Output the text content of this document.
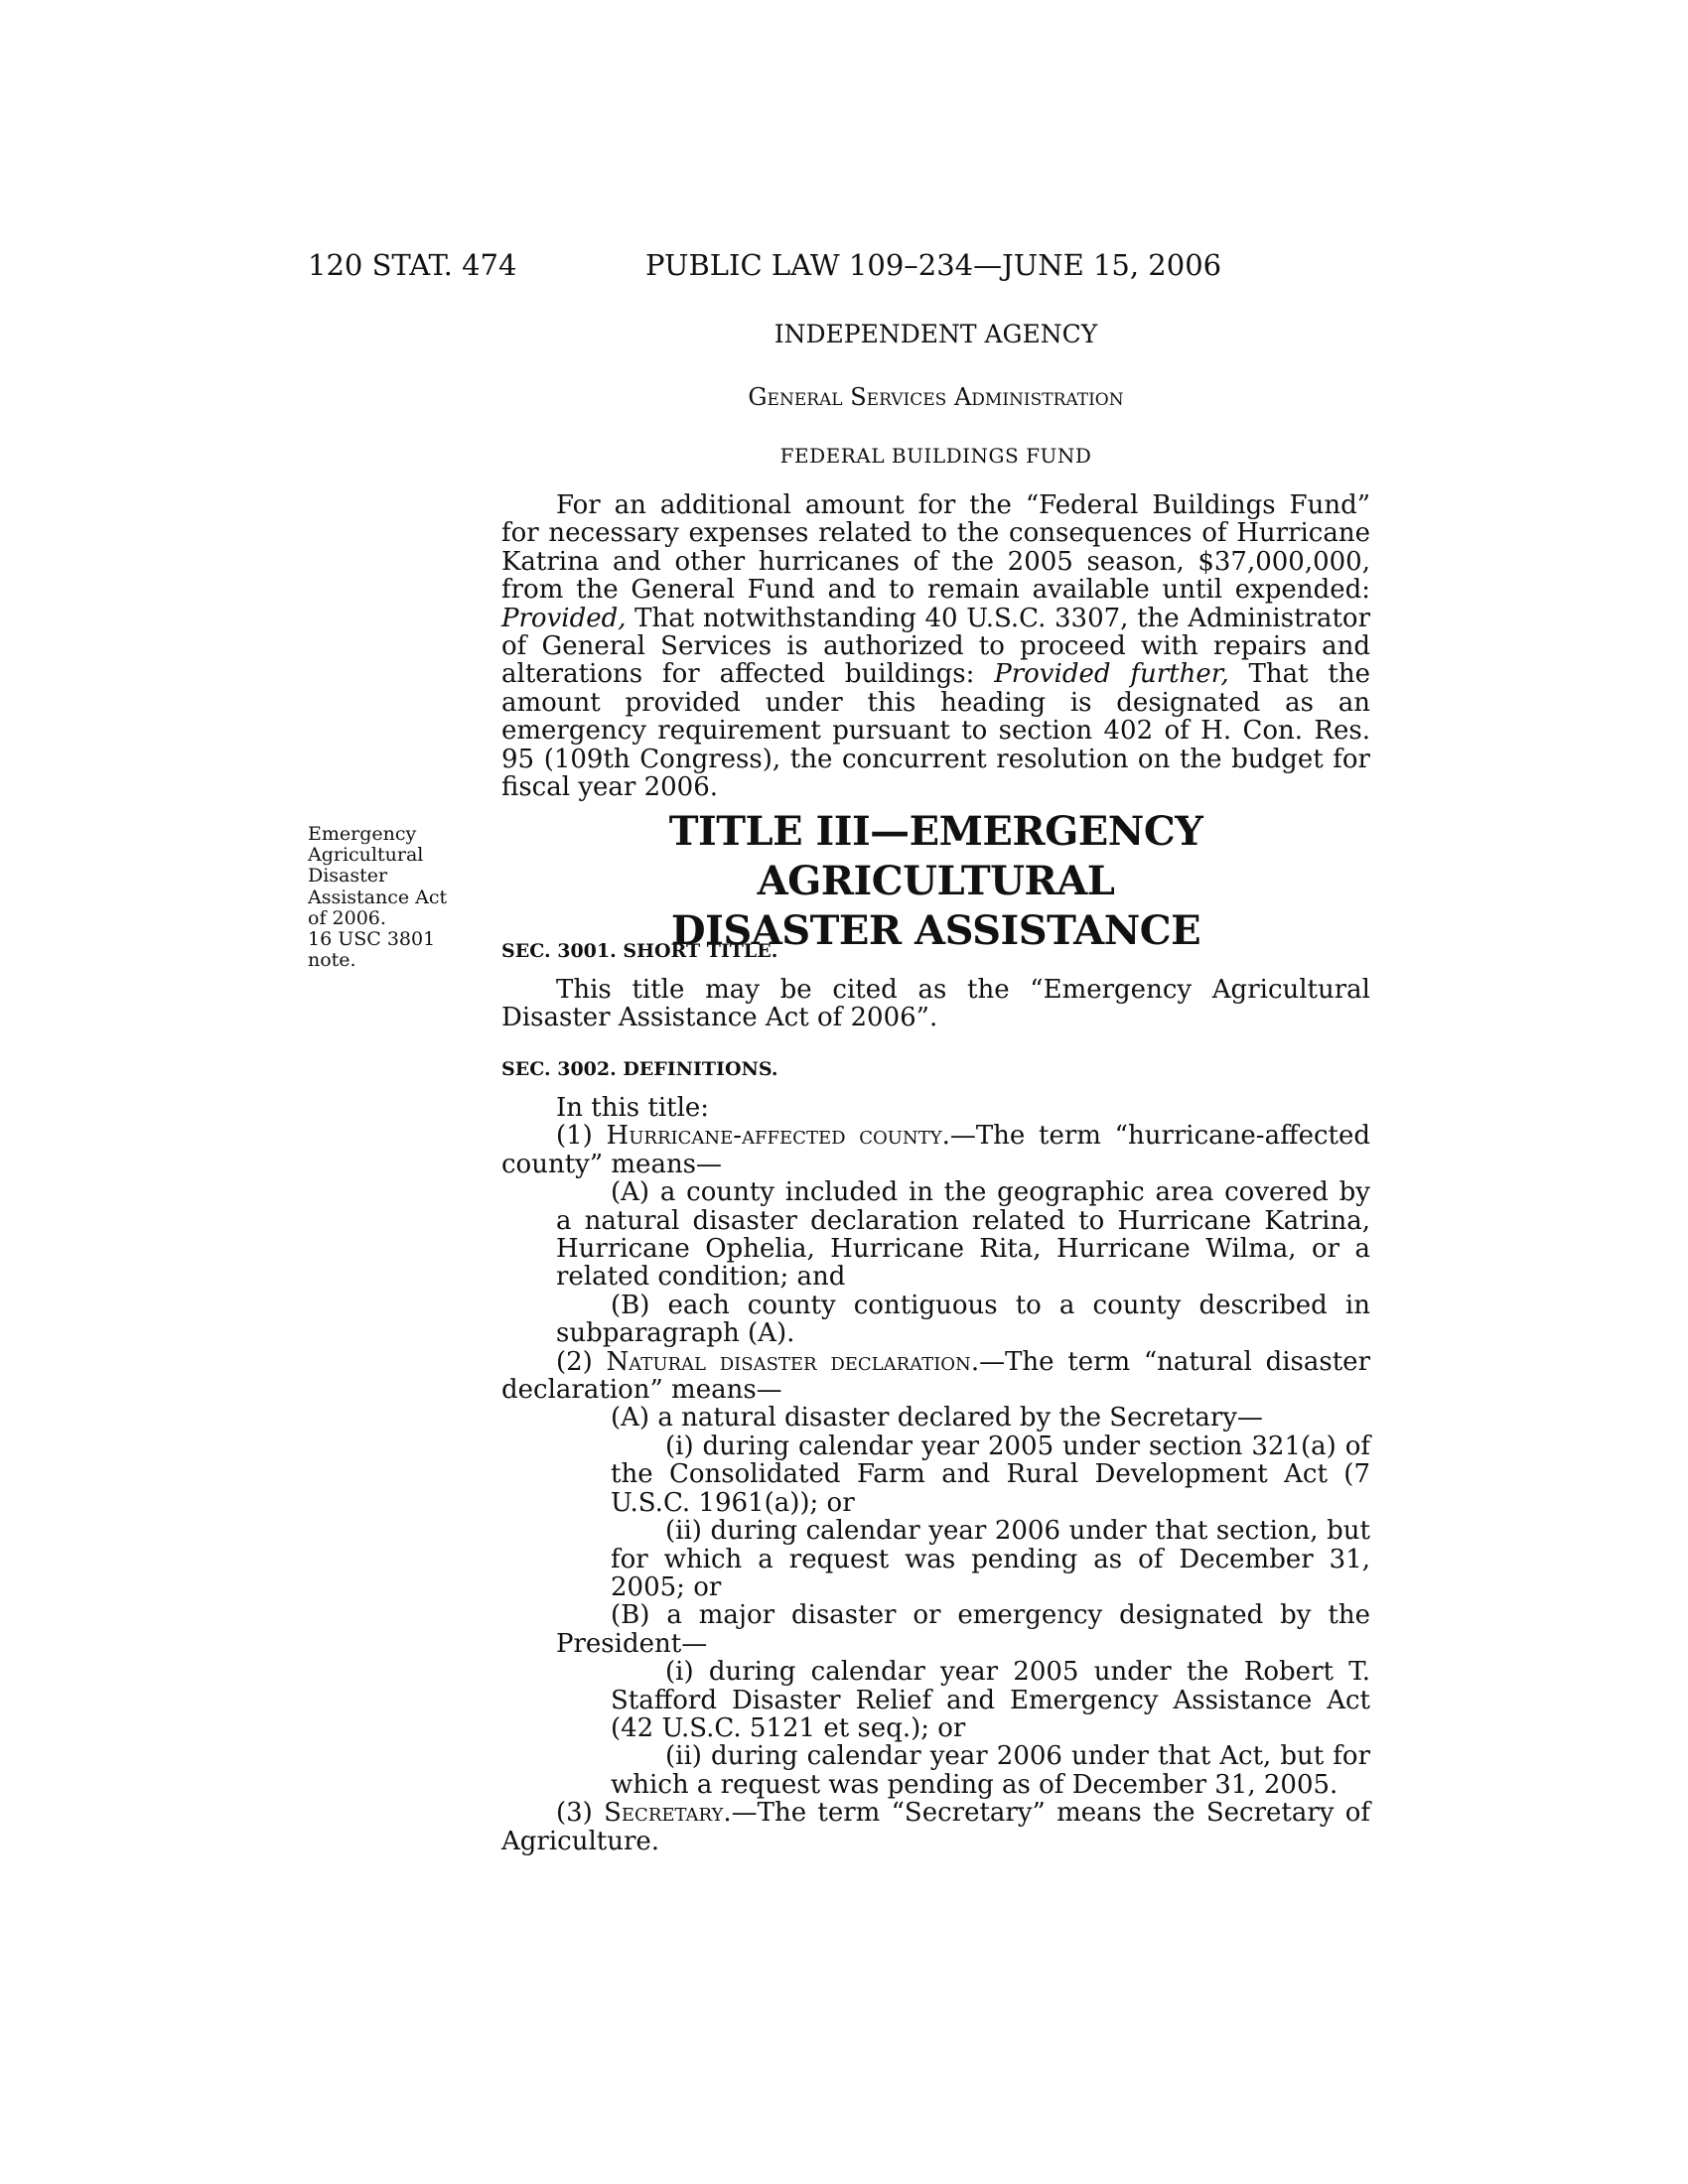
120 STAT. 474	PUBLIC LAW 109–234—JUNE 15, 2006
INDEPENDENT AGENCY
General Services Administration
FEDERAL BUILDINGS FUND

For an additional amount for the “Federal Buildings Fund” for necessary expenses related to the consequences of Hurricane Katrina and other hurricanes of the 2005 season, $37,000,000, from the General Fund and to remain available until expended: Provided, That notwithstanding 40 U.S.C. 3307, the Administrator of General Services is authorized to proceed with repairs and alterations for affected buildings: Provided further, That the amount provided under this heading is designated as an emergency requirement pursuant to section 402 of H. Con. Res. 95 (109th Congress), the concurrent resolution on the budget for fiscal year 2006.

Emergency
Agricultural
Disaster
Assistance Act
of 2006.
16 USC 3801
note.
TITLE III—EMERGENCY AGRICULTURAL
DISASTER ASSISTANCE
SEC. 3001. SHORT TITLE.

This title may be cited as the “Emergency Agricultural Disaster Assistance Act of 2006”.

SEC. 3002. DEFINITIONS.

In this title:

(1) Hurricane-affected county.—The term “hurricane-affected county” means—

(A) a county included in the geographic area covered by a natural disaster declaration related to Hurricane Katrina, Hurricane Ophelia, Hurricane Rita, Hurricane Wilma, or a related condition; and

(B) each county contiguous to a county described in subparagraph (A).

(2) Natural disaster declaration.—The term “natural disaster declaration” means—

(A) a natural disaster declared by the Secretary—

(i) during calendar year 2005 under section 321(a) of the Consolidated Farm and Rural Development Act (7 U.S.C. 1961(a)); or

(ii) during calendar year 2006 under that section, but for which a request was pending as of December 31, 2005; or

(B) a major disaster or emergency designated by the President—

(i) during calendar year 2005 under the Robert T. Stafford Disaster Relief and Emergency Assistance Act (42 U.S.C. 5121 et seq.); or

(ii) during calendar year 2006 under that Act, but for which a request was pending as of December 31, 2005.

(3) Secretary.—The term “Secretary” means the Secretary of Agriculture.
